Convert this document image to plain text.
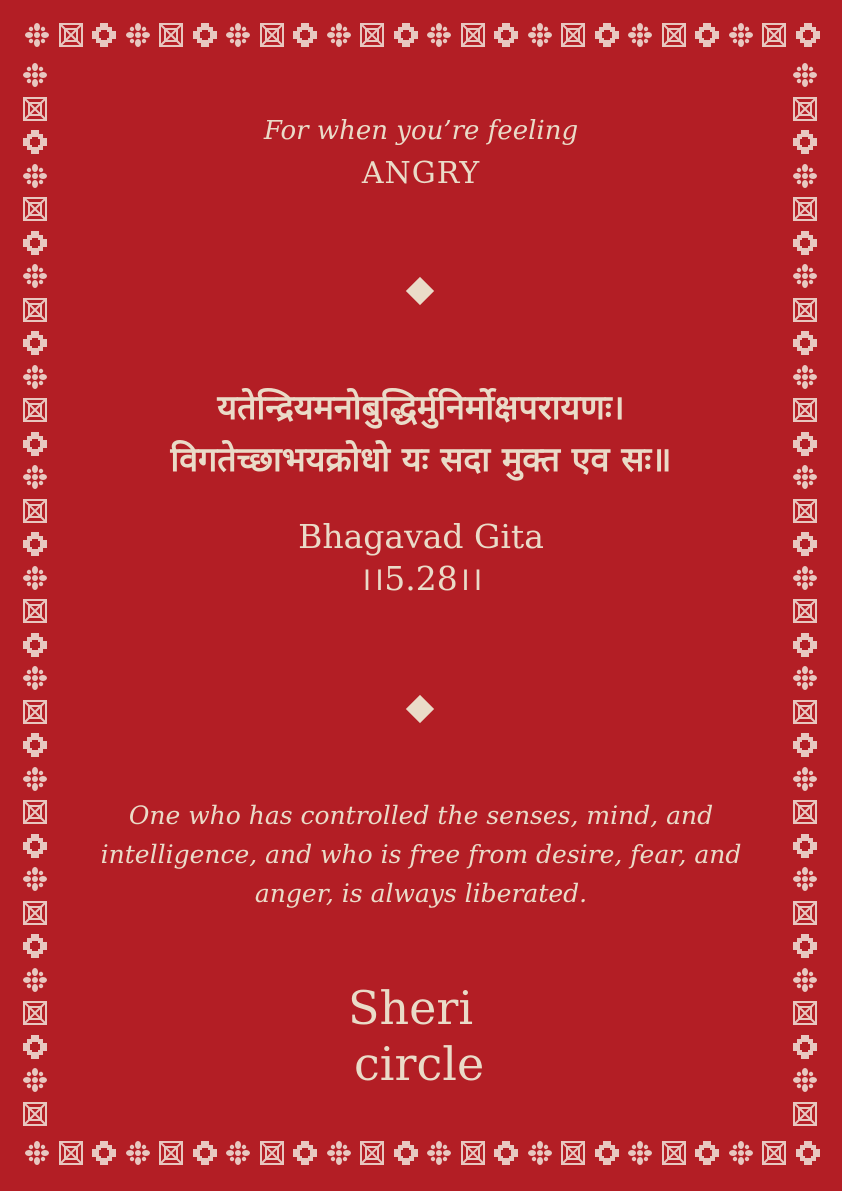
For when you’re feeling
ANGRY
यतेन्द्रियमनोबुद्धिर्मुनिर्मोक्षपरायणः।
विगतेच्छाभयक्रोधो यः सदा मुक्त एव सः॥
Bhagavad Gita
।।5.28।।
One who has controlled the senses, mind, and intelligence, and who is free from desire, fear, and anger, is always liberated.
Sheri
circle
